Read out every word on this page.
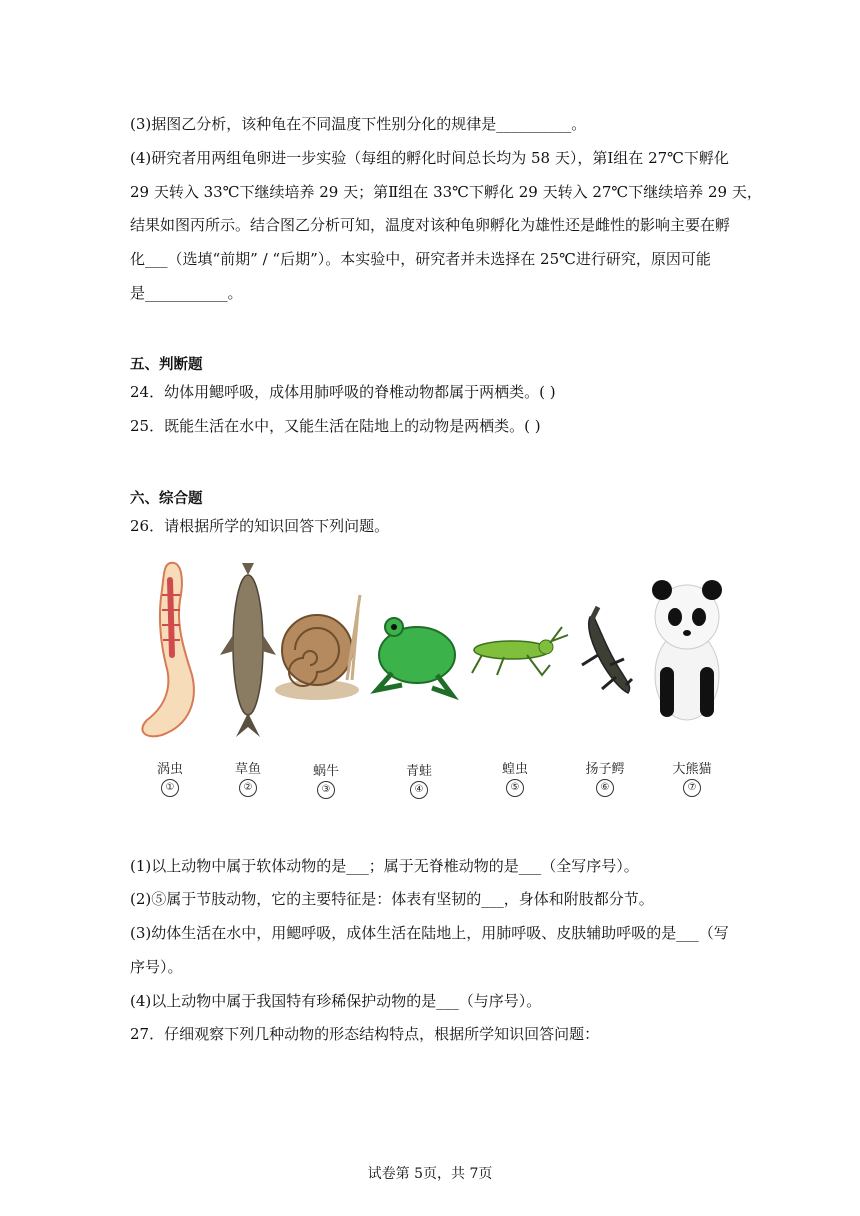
(3)据图乙分析，该种龟在不同温度下性别分化的规律是__________。
(4)研究者用两组龟卵进一步实验（每组的孵化时间总长均为 58 天），第Ⅰ组在 27℃下孵化
29 天转入 33℃下继续培养 29 天；第Ⅱ组在 33℃下孵化 29 天转入 27℃下继续培养 29 天，
结果如图丙所示。结合图乙分析可知，温度对该种龟卵孵化为雄性还是雌性的影响主要在孵
化___（选填“前期” / “后期”）。本实验中，研究者并未选择在 25℃进行研究，原因可能
是___________。
五、判断题
24．幼体用鳃呼吸，成体用肺呼吸的脊椎动物都属于两栖类。( )
25．既能生活在水中，又能生活在陆地上的动物是两栖类。( )
六、综合题
26．请根据所学的知识回答下列问题。
涡虫
①
草鱼
②
蜗牛
③
青蛙
④
蝗虫
⑤
扬子鳄
⑥
大熊猫
⑦
(1)以上动物中属于软体动物的是___；属于无脊椎动物的是___（全写序号）。
(2)⑤属于节肢动物，它的主要特征是：体表有坚韧的___，身体和附肢都分节。
(3)幼体生活在水中，用鳃呼吸，成体生活在陆地上，用肺呼吸、皮肤辅助呼吸的是___（写
序号）。
(4)以上动物中属于我国特有珍稀保护动物的是___（与序号）。
27．仔细观察下列几种动物的形态结构特点，根据所学知识回答问题：
试卷第 5页，共 7页
